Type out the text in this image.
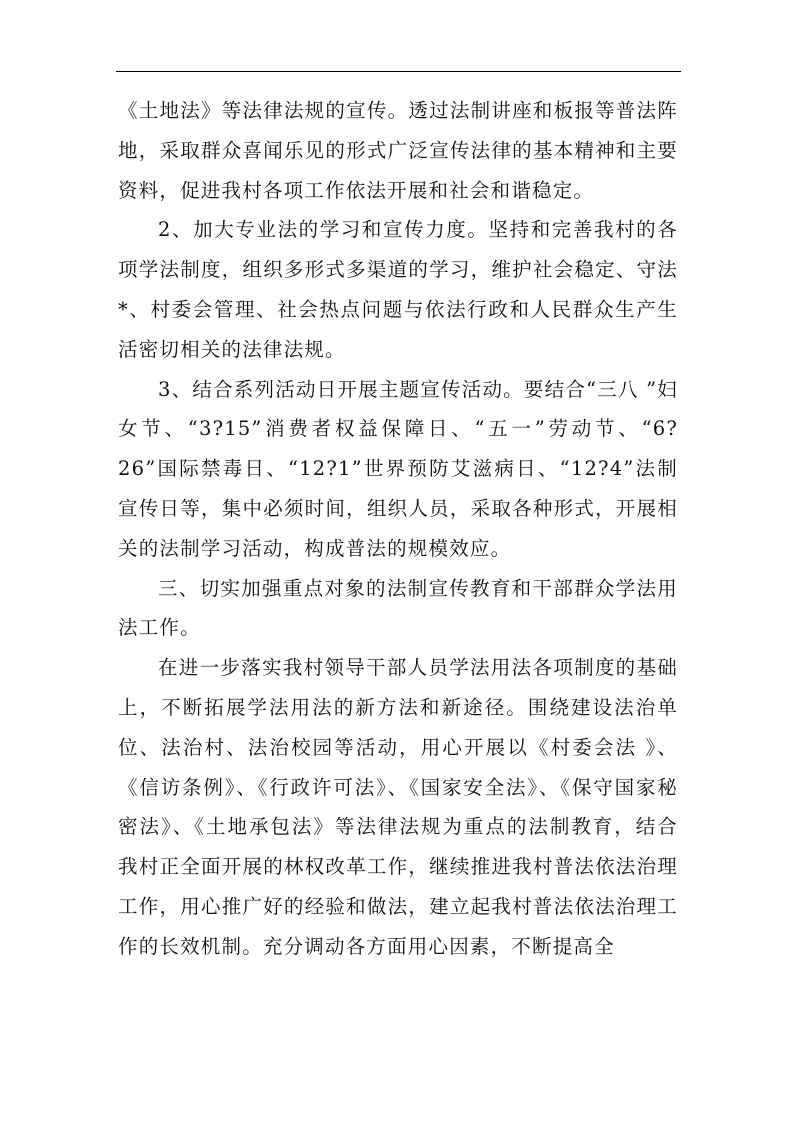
《土地法》等法律法规的宣传。透过法制讲座和板报等普法阵地，采取群众喜闻乐见的形式广泛宣传法律的基本精神和主要资料，促进我村各项工作依法开展和社会和谐稳定。

2、加大专业法的学习和宣传力度。坚持和完善我村的各项学法制度，组织多形式多渠道的学习，维护社会稳定、守法*、村委会管理、社会热点问题与依法行政和人民群众生产生活密切相关的法律法规。

3、结合系列活动日开展主题宣传活动。要结合“三八 ”妇女节、“3?15”消费者权益保障日、“五一”劳动节、“6?26”国际禁毒日、“12?1”世界预防艾滋病日、“12?4”法制宣传日等，集中必须时间，组织人员，采取各种形式，开展相关的法制学习活动，构成普法的规模效应。

三、切实加强重点对象的法制宣传教育和干部群众学法用法工作。

在进一步落实我村领导干部人员学法用法各项制度的基础上，不断拓展学法用法的新方法和新途径。围绕建设法治单位、法治村、法治校园等活动，用心开展以《村委会法 》、《信访条例》、《行政许可法》、《国家安全法》、《保守国家秘密法》、《土地承包法》等法律法规为重点的法制教育，结合我村正全面开展的林权改革工作，继续推进我村普法依法治理工作，用心推广好的经验和做法，建立起我村普法依法治理工作的长效机制。充分调动各方面用心因素，不断提高全
